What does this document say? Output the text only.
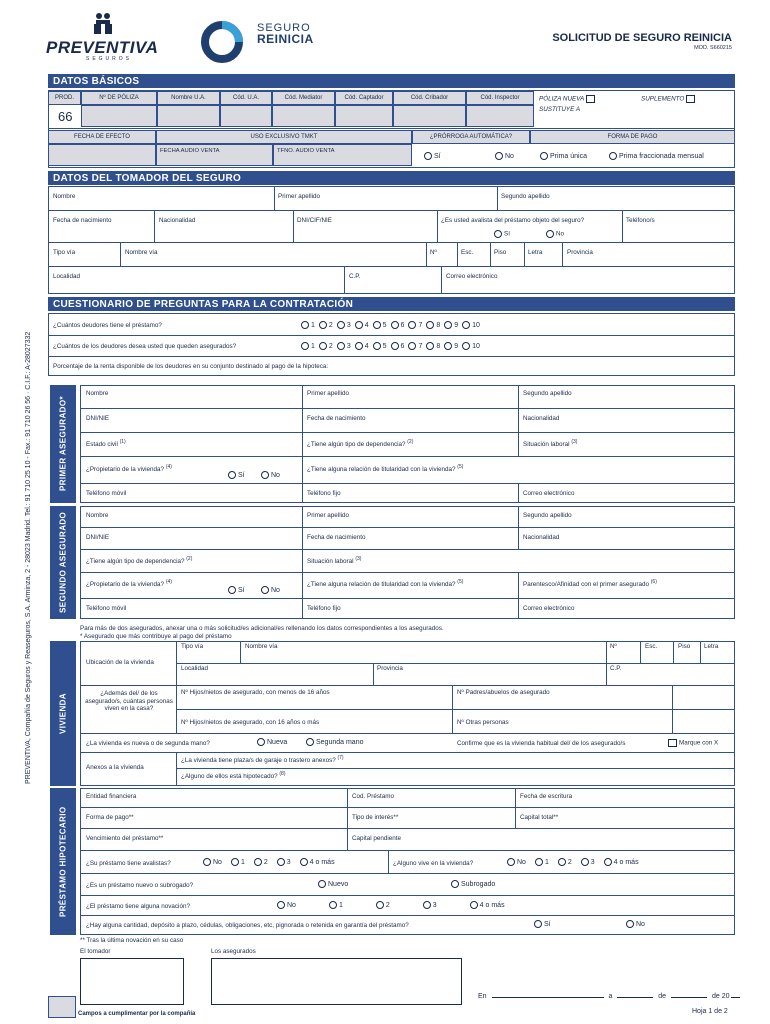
PREVENTIVA
SEGUROS
SEGURO
REINICIA	SOLICITUD DE SEGURO REINICIA
MOD. S660215
PREVENTIVA, Compañía de Seguros y Reaseguros, S.A. Arminza, 2 - 28023 Madrid. Tel.: 91 710 25 10 - Fax.: 91 710 26 56 · C.I.F.: A-28027332
DATOS BÁSICOS
PROD.	Nº DE PÓLIZA	Nombre U.A.	Cód. U.A.	Cód. Mediator	Cód. Captador	Cód. Cribador	Cód. Inspector
66
PÓLIZA NUEVA
SUSTITUYE A
SUPLEMENTO
FECHA DE EFECTO	USO EXCLUSIVO TMKT	¿PRÓRROGA AUTOMÁTICA?	FORMA DE PAGO
FECHA AUDIO VENTA	TFNO. AUDIO VENTA
Sí	No	Prima única	Prima fraccionada mensual
DATOS DEL TOMADOR DEL SEGURO
Nombre	Primer apellido	Segundo apellido
Fecha de nacimiento	Nacionalidad	DNI/CIF/NIE	¿Es usted avalista del préstamo objeto del seguro?	Teléfono/s
Sí	No
Tipo vía	Nombre vía	Nº	Esc.	Piso	Letra	Provincia
Localidad	C.P.	Correo electrónico
CUESTIONARIO DE PREGUNTAS PARA LA CONTRATACIÓN
¿Cuántos deudores tiene el préstamo?	1	2	3	4	5	6	7	8	9	10
¿Cuántos de los deudores desea usted que queden asegurados?	1	2	3	4	5	6	7	8	9	10
Porcentaje de la renta disponible de los deudores en su conjunto destinado al pago de la hipoteca:
PRIMER ASEGURADO*
Nombre	Primer apellido	Segundo apellido
DNI/NIE	Fecha de nacimiento	Nacionalidad
Estado civil $^{(1)}$	¿Tiene algún tipo de dependencia? $^{(2)}$	Situación laboral $^{(3)}$
¿Propietario de la vivienda? $^{(4)}$
Sí	No
¿Tiene alguna relación de titularidad con la vivienda? $^{(5)}$
Teléfono móvil	Teléfono fijo	Correo electrónico
SEGUNDO ASEGURADO	Nombre	Primer apellido	Segundo apellido
DNI/NIE	Fecha de nacimiento	Nacionalidad
¿Tiene algún tipo de dependencia? $^{(2)}$	Situación laboral $^{(3)}$
¿Propietario de la vivienda? $^{(4)}$
Sí	No
¿Tiene alguna relación de titularidad con la vivienda? $^{(5)}$	Parentesco/Afinidad con el primer asegurado $^{(6)}$
Teléfono móvil	Teléfono fijo	Correo electrónico
Para más de dos asegurados, anexar una o más solicitud/es adicional/es rellenando los datos correspondientes a los asegurados.
* Asegurado que más contribuye al pago del préstamo
VIVIENDA
Ubicación de la vivienda
Tipo vía	Nombre vía	Nº	Esc.	Piso Letra
Localidad	Provincia	C.P.
¿Además del/ de los asegurado/s, cuántas personas viven en la casa?
Nº Hijos/nietos de asegurado, con menos de 16 años	Nº Padres/abuelos de asegurado
Nº Hijos/nietos de asegurado, con 16 años o más	Nº Otras personas
¿La vivienda es nueva o de segunda mano?	Nueva	Segunda mano	Confirme que es la vivienda habitual del/ de los asegurado/s	Marque con X
Anexos a la vivienda
¿La vivienda tiene plaza/s de garaje o trastero anexos? $^{(7)}$
¿Alguno de ellos está hipotecado? $^{(8)}$
PRÉSTAMO HIPOTECARIO
Entidad financiera	Cod. Préstamo	Fecha de escritura
Forma de pago**	Tipo de interés**	Capital total**
Vencimiento del préstamo**	Capital pendiente
¿Su préstamo tiene avalistas?	No	1	2	3	4 o más	¿Alguno vive en la vivienda?	No	1	2	3	4 o más
¿Es un préstamo nuevo o subrogado?	Nuevo	Subrogado
¿El préstamo tiene alguna novación?	No	1	2	3	4 o más
¿Hay alguna cantidad, depósito a plazo, cédulas, obligaciones, etc, pignorada o retenida en garantía del préstamo?	Sí	No
** Tras la última novación en su caso
El tomador	Los asegurados
En	a	de	de 20
Campos a cumplimentar por la compañía	Hoja 1 de 2
